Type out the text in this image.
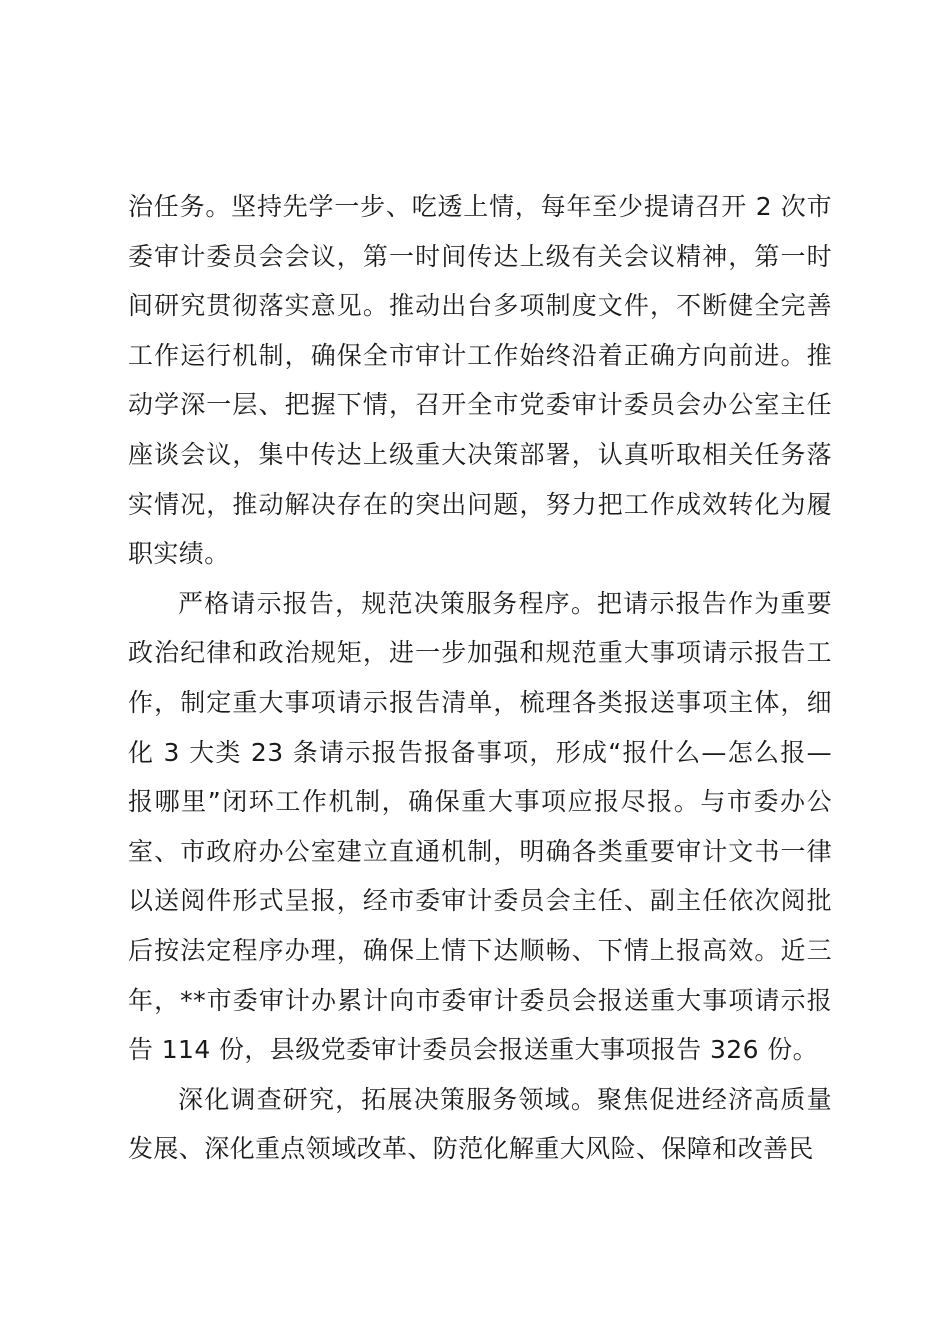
治任务。坚持先学一步、吃透上情，每年至少提请召开 2 次市委审计委员会会议，第一时间传达上级有关会议精神，第一时间研究贯彻落实意见。推动出台多项制度文件，不断健全完善工作运行机制，确保全市审计工作始终沿着正确方向前进。推动学深一层、把握下情，召开全市党委审计委员会办公室主任座谈会议，集中传达上级重大决策部署，认真听取相关任务落实情况，推动解决存在的突出问题，努力把工作成效转化为履职实绩。

严格请示报告，规范决策服务程序。把请示报告作为重要政治纪律和政治规矩，进一步加强和规范重大事项请示报告工作，制定重大事项请示报告清单，梳理各类报送事项主体，细化 3 大类 23 条请示报告报备事项，形成“报什么—怎么报—报哪里”闭环工作机制，确保重大事项应报尽报。与市委办公室、市政府办公室建立直通机制，明确各类重要审计文书一律以送阅件形式呈报，经市委审计委员会主任、副主任依次阅批后按法定程序办理，确保上情下达顺畅、下情上报高效。近三年，**市委审计办累计向市委审计委员会报送重大事项请示报告 114 份，县级党委审计委员会报送重大事项报告 326 份。

深化调查研究，拓展决策服务领域。聚焦促进经济高质量发展、深化重点领域改革、防范化解重大风险、保障和改善民
